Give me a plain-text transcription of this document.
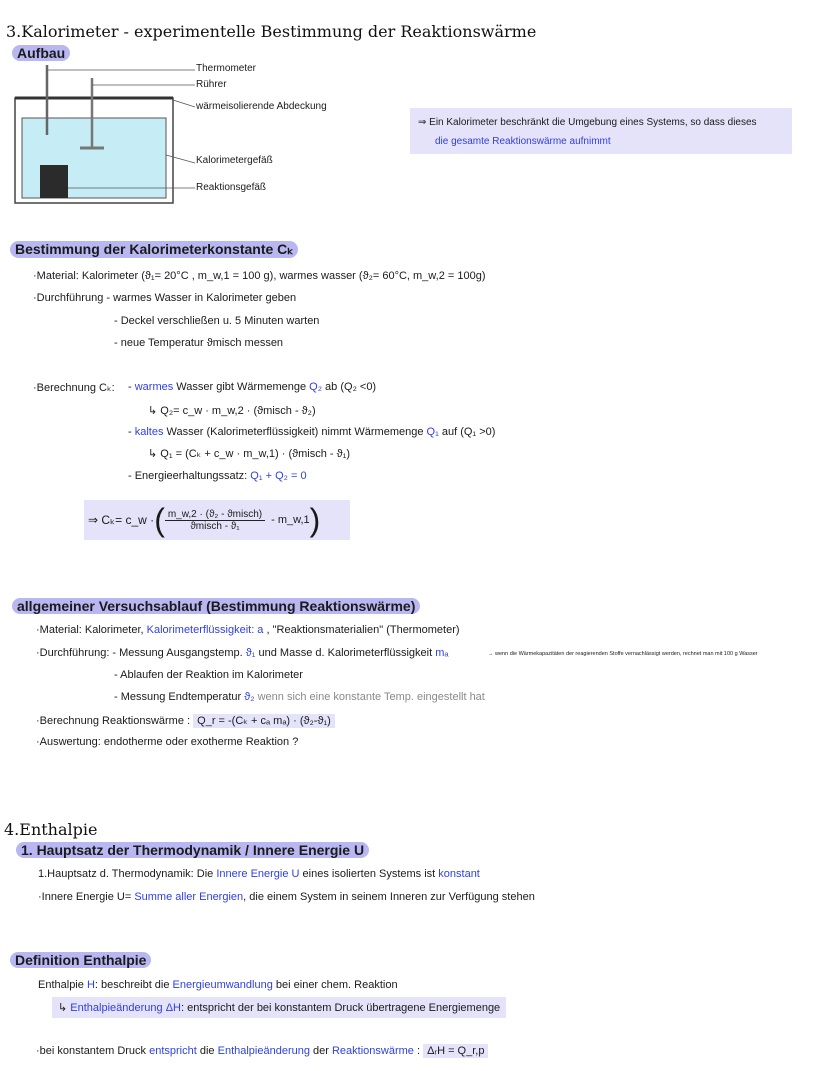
3.Kalorimeter - experimentelle Bestimmung der Reaktionswärme
Aufbau
Thermometer
Rührer
wärmeisolierende Abdeckung
Kalorimetergefäß
Reaktionsgefäß
⇒ Ein Kalorimeter beschränkt die Umgebung eines Systems, so dass dieses
die gesamte Reaktionswärme aufnimmt
Bestimmung der Kalorimeterkonstante Cₖ
·Material: Kalorimeter (ϑ₁= 20°C , m_w,1 = 100 g), warmes wasser (ϑ₂= 60°C, m_w,2 = 100g)
·Durchführung - warmes Wasser in Kalorimeter geben
- Deckel verschließen u. 5 Minuten warten
- neue Temperatur ϑmisch messen
·Berechnung Cₖ: - warmes Wasser gibt Wärmemenge Q₂ ab (Q₂ <0)
↳ Q₂= c_w · m_w,2 · (ϑmisch - ϑ₂)
- kaltes Wasser (Kalorimeterflüssigkeit) nimmt Wärmemenge Q₁ auf (Q₁ >0)
↳ Q₁ = (Cₖ + c_w · m_w,1) · (ϑmisch - ϑ₁)
- Energieerhaltungssatz: Q₁ + Q₂ = 0
⇒ Cₖ= c_w · ( $\frac{\text{m\_w,2 · (ϑ₂ - ϑmisch)}}{\text{ϑmisch - ϑ₁}}$ - m_w,1 )
allgemeiner Versuchsablauf (Bestimmung Reaktionswärme)
·Material: Kalorimeter, Kalorimeterflüssigkeit: a , "Reaktionsmaterialien" (Thermometer)
·Durchführung: - Messung Ausgangstemp. ϑ₁ und Masse d. Kalorimeterflüssigkeit mₐ	→ wenn die Wärmekapazitäten der reagierenden Stoffe vernachlässigt werden, rechnet man mit 100 g Wasser
- Ablaufen der Reaktion im Kalorimeter
- Messung Endtemperatur ϑ₂ wenn sich eine konstante Temp. eingestellt hat
·Berechnung Reaktionswärme : Q_r = -(Cₖ + cₐ mₐ) · (ϑ₂-ϑ₁)
·Auswertung: endotherme oder exotherme Reaktion ?
4.Enthalpie
1. Hauptsatz der Thermodynamik / Innere Energie U
1.Hauptsatz d. Thermodynamik: Die Innere Energie U eines isolierten Systems ist konstant
·Innere Energie U= Summe aller Energien, die einem System in seinem Inneren zur Verfügung stehen
Definition Enthalpie
Enthalpie H: beschreibt die Energieumwandlung bei einer chem. Reaktion
↳ Enthalpieänderung ΔH: entspricht der bei konstantem Druck übertragene Energiemenge
·bei konstantem Druck entspricht die Enthalpieänderung der Reaktionswärme : ΔᵣH = Q_r,p
